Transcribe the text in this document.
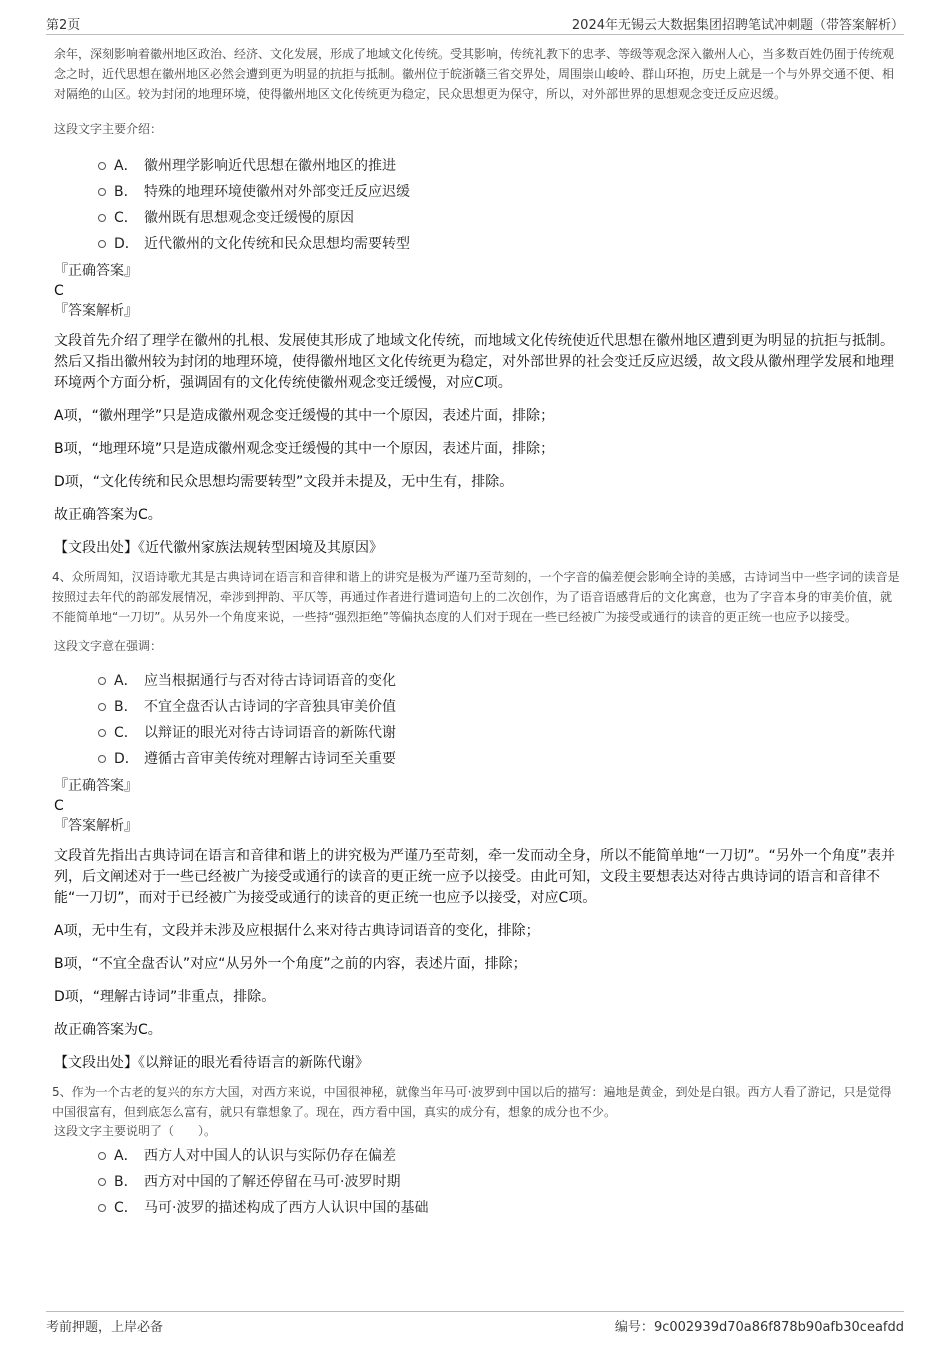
第2页	2024年无锡云大数据集团招聘笔试冲刺题（带答案解析）

余年，深刻影响着徽州地区政治、经济、文化发展，形成了地域文化传统。受其影响，传统礼教下的忠孝、等级等观念深入徽州人心，当多数百姓仍囿于传统观念之时，近代思想在徽州地区必然会遭到更为明显的抗拒与抵制。徽州位于皖浙赣三省交界处，周围崇山峻岭、群山环抱，历史上就是一个与外界交通不便、相对隔绝的山区。较为封闭的地理环境，使得徽州地区文化传统更为稳定，民众思想更为保守，所以，对外部世界的思想观念变迁反应迟缓。

这段文字主要介绍：
A． 徽州理学影响近代思想在徽州地区的推进
B． 特殊的地理环境使徽州对外部变迁反应迟缓
C． 徽州既有思想观念变迁缓慢的原因
D． 近代徽州的文化传统和民众思想均需要转型
『正确答案』
C
『答案解析』

文段首先介绍了理学在徽州的扎根、发展使其形成了地域文化传统，而地域文化传统使近代思想在徽州地区遭到更为明显的抗拒与抵制。然后又指出徽州较为封闭的地理环境，使得徽州地区文化传统更为稳定，对外部世界的社会变迁反应迟缓，故文段从徽州理学发展和地理环境两个方面分析，强调固有的文化传统使徽州观念变迁缓慢，对应C项。

A项，“徽州理学”只是造成徽州观念变迁缓慢的其中一个原因，表述片面，排除；

B项，“地理环境”只是造成徽州观念变迁缓慢的其中一个原因，表述片面，排除；

D项，“文化传统和民众思想均需要转型”文段并未提及，无中生有，排除。

故正确答案为C。

【文段出处】《近代徽州家族法规转型困境及其原因》

4、众所周知，汉语诗歌尤其是古典诗词在语言和音律和谐上的讲究是极为严谨乃至苛刻的，一个字音的偏差便会影响全诗的美感，古诗词当中一些字词的读音是按照过去年代的韵部发展情况，牵涉到押韵、平仄等，再通过作者进行遣词造句上的二次创作，为了语音语感背后的文化寓意，也为了字音本身的审美价值，就不能简单地“一刀切”。从另外一个角度来说，一些持“强烈拒绝”等偏执态度的人们对于现在一些已经被广为接受或通行的读音的更正统一也应予以接受。

这段文字意在强调：
A． 应当根据通行与否对待古诗词语音的变化
B． 不宜全盘否认古诗词的字音独具审美价值
C． 以辩证的眼光对待古诗词语音的新陈代谢
D． 遵循古音审美传统对理解古诗词至关重要
『正确答案』
C
『答案解析』

文段首先指出古典诗词在语言和音律和谐上的讲究极为严谨乃至苛刻，牵一发而动全身，所以不能简单地“一刀切”。“另外一个角度”表并列，后文阐述对于一些已经被广为接受或通行的读音的更正统一应予以接受。由此可知，文段主要想表达对待古典诗词的语言和音律不能“一刀切”，而对于已经被广为接受或通行的读音的更正统一也应予以接受，对应C项。

A项，无中生有，文段并未涉及应根据什么来对待古典诗词语音的变化，排除；

B项，“不宜全盘否认”对应“从另外一个角度”之前的内容，表述片面，排除；

D项，“理解古诗词”非重点，排除。

故正确答案为C。

【文段出处】《以辩证的眼光看待语言的新陈代谢》

5、作为一个古老的复兴的东方大国，对西方来说，中国很神秘，就像当年马可·波罗到中国以后的描写：遍地是黄金，到处是白银。西方人看了游记，只是觉得中国很富有，但到底怎么富有，就只有靠想象了。现在，西方看中国，真实的成分有，想象的成分也不少。

这段文字主要说明了（　　）。
A． 西方人对中国人的认识与实际仍存在偏差
B． 西方对中国的了解还停留在马可·波罗时期
C． 马可·波罗的描述构成了西方人认识中国的基础
考前押题，上岸必备	编号：9c002939d70a86f878b90afb30ceafdd
